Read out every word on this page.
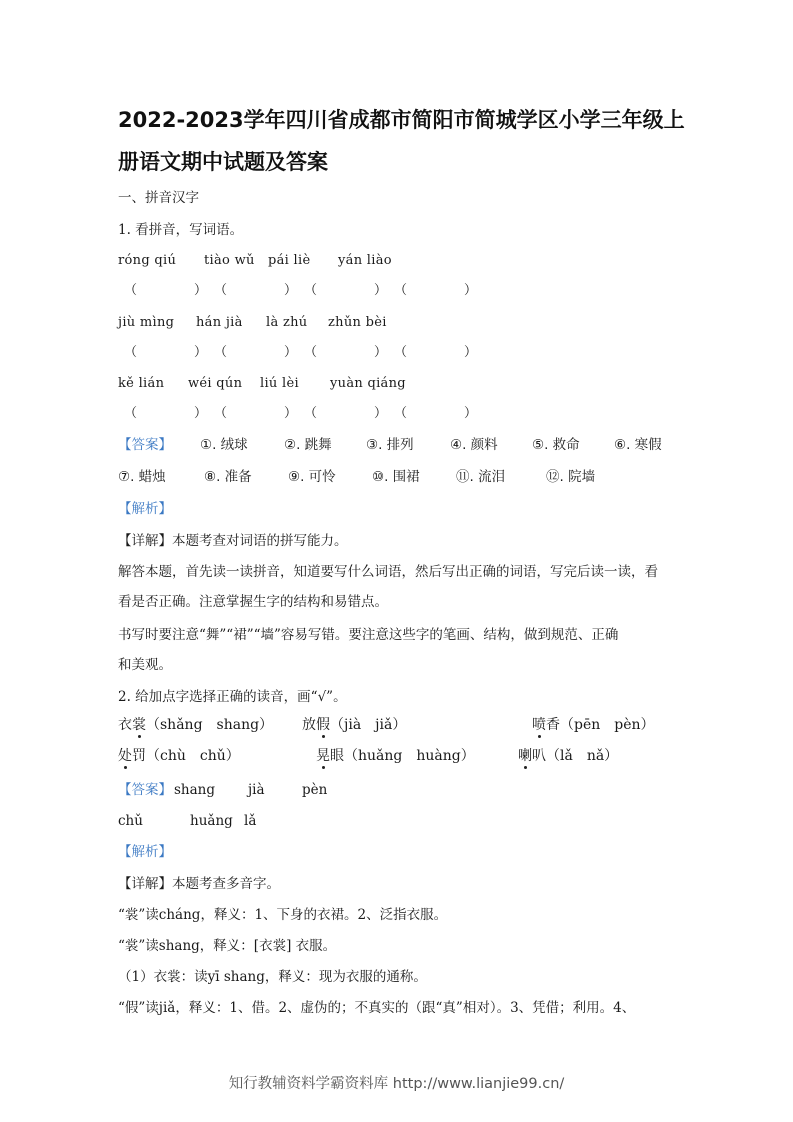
2022-2023学年四川省成都市简阳市简城学区小学三年级上
册语文期中试题及答案
一、拼音汉字
1. 看拼音，写词语。
róng qiú tiào wǔ pái liè yán liào
（	） （	） （	） （	）
jiù mìng hán jià là zhú zhǔn bèi
（	） （	） （	） （	）
kě lián wéi qún liú lèi yuàn qiáng
（	） （	） （	） （	）
【答案】 ①. 绒球	②. 跳舞	③. 排列	④. 颜料	⑤. 救命	⑥. 寒假
⑦. 蜡烛	⑧. 准备	⑨. 可怜	⑩. 围裙	⑪. 流泪	⑫. 院墙
【解析】
【详解】本题考查对词语的拼写能力。
解答本题，首先读一读拼音，知道要写什么词语，然后写出正确的词语，写完后读一读，看
看是否正确。注意掌握生字的结构和易错点。
书写时要注意“舞”“裙”“墙”容易写错。要注意这些字的笔画、结构，做到规范、正确
和美观。
2. 给加点字选择正确的读音，画“√”。
衣裳（shǎng　shang） 放假（jià　jiǎ）	喷香（pēn　pèn）
处罚（chù　chǔ）	晃眼（huǎng　huàng）	喇叭（lǎ　nǎ）
【答案】 shang jià	pèn
chǔ	huǎng lǎ
【解析】
【详解】本题考查多音字。
“裳”读cháng，释义：1、下身的衣裙。2、泛指衣服。
“裳”读shang，释义：[衣裳] 衣服。
（1）衣裳：读yī shang，释义：现为衣服的通称。
“假”读jiǎ，释义：1、借。2、虚伪的；不真实的（跟“真”相对）。3、凭借；利用。4、
知行教辅资料学霸资料库 http://www.lianjie99.cn/
